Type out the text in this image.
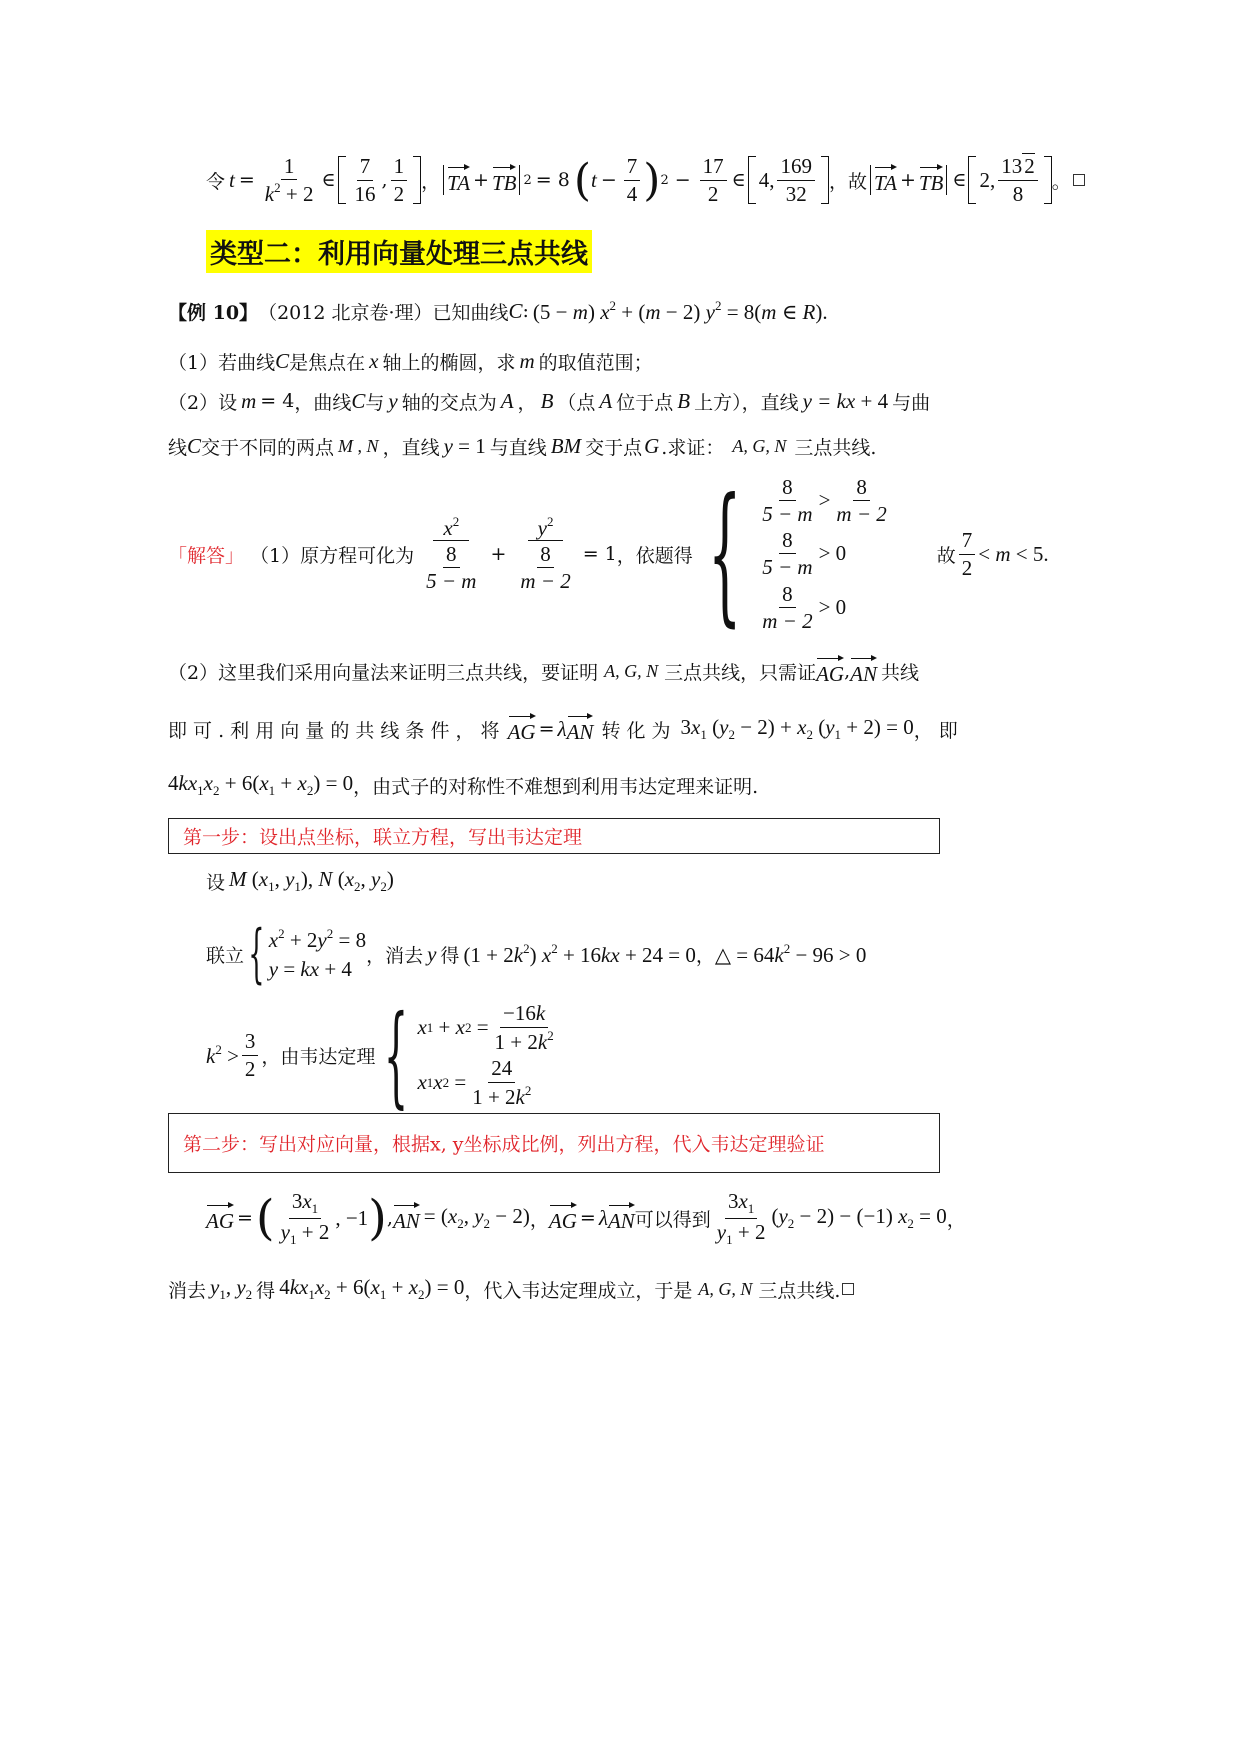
令 $t = \frac{1}{k^2 + 2}$ ∈
7
16
,
1
2 ， TA + TB 2 = 8 ( $t - \frac{7}{4}$ ) $2 - \frac{17}{2}$ ∈ 4,
169
32 ，故 TA + TB ∈ 2,
132
8 。
类型二：利用向量处理三点共线
【例 10】 （2012 北京卷·理）已知曲线 C : (5 − m) $x^2 + (m - 2) y^2 = 8(m$ ∈ R).
（1）若曲线 C 是焦点在 x 轴上的椭圆，求 m 的取值范围；
（2）设 m = 4 ，曲线 C 与 y 轴的交点为 A ， B （点 A 位于点 B 上方），直线 y = kx + 4 与曲
线 C 交于不同的两点 M , N ，直线 y = 1 与直线 BM 交于点 G .求证： A, G, N 三点共线.
「解答」 （1）原方程可化为
$x^2$
$\frac{8}{5 - m} + \frac{y^2}{\frac{8}{m - 2}} = 1$ ，依题得 { 8
5 − m
>
8
m − 2
8
5 − m
> 0
8
m − 2
> 0
故
7
2
< m < 5.
（2）这里我们采用向量法来证明三点共线，要证明 A, G, N 三点共线，只需证 AG , AN 共线
即 可 . 利 用 向 量 的 共 线 条 件 ， 将 AG = λ AN 转 化 为 $3x_1$ $(y_2 - 2) + x_2$ $(y_1 + 2) = 0$ ， 即
$4kx_1x_2 + 6(x_1 + x_2) = 0$ ，由式子的对称性不难想到利用韦达定理来证明.
第一步：设出点坐标，联立方程，写出韦达定理
设 M ($x_1$, $y_1$), N ($x_2$, $y_2$)
联立 { $x^2 + 2y^2 = 8$
y = kx + 4
，消去 y 得 $(1 + 2k^2)$ $x^2 + 16kx + 24 = 0$ ， △ = $64k^2 - 96 > 0$
$k^2$ >
3
2 ，由韦达定理 { x 1 + x $2 = \frac{-16k}{1 + 2k^2}$
x 1 x $2 = \frac{24}{1 + 2k^2}$
第二步：写出对应向量，根据x, y坐标成比例，列出方程，代入韦达定理验证
AG = ( $3x_1$
$y_1 + 2$
, −1 ) , AN = ($x_2$, $y_2 - 2$) ， AG = λ AN 可以得到
$3x_1$
$y_1 + 2$
$(y_2 - 2) - (-1) x_2 = 0$ ，
消去 $y_1$, $y_2$ 得 $4kx_1x_2 + 6(x_1 + x_2) = 0$ ，代入韦达定理成立，于是 A, G, N 三点共线.
